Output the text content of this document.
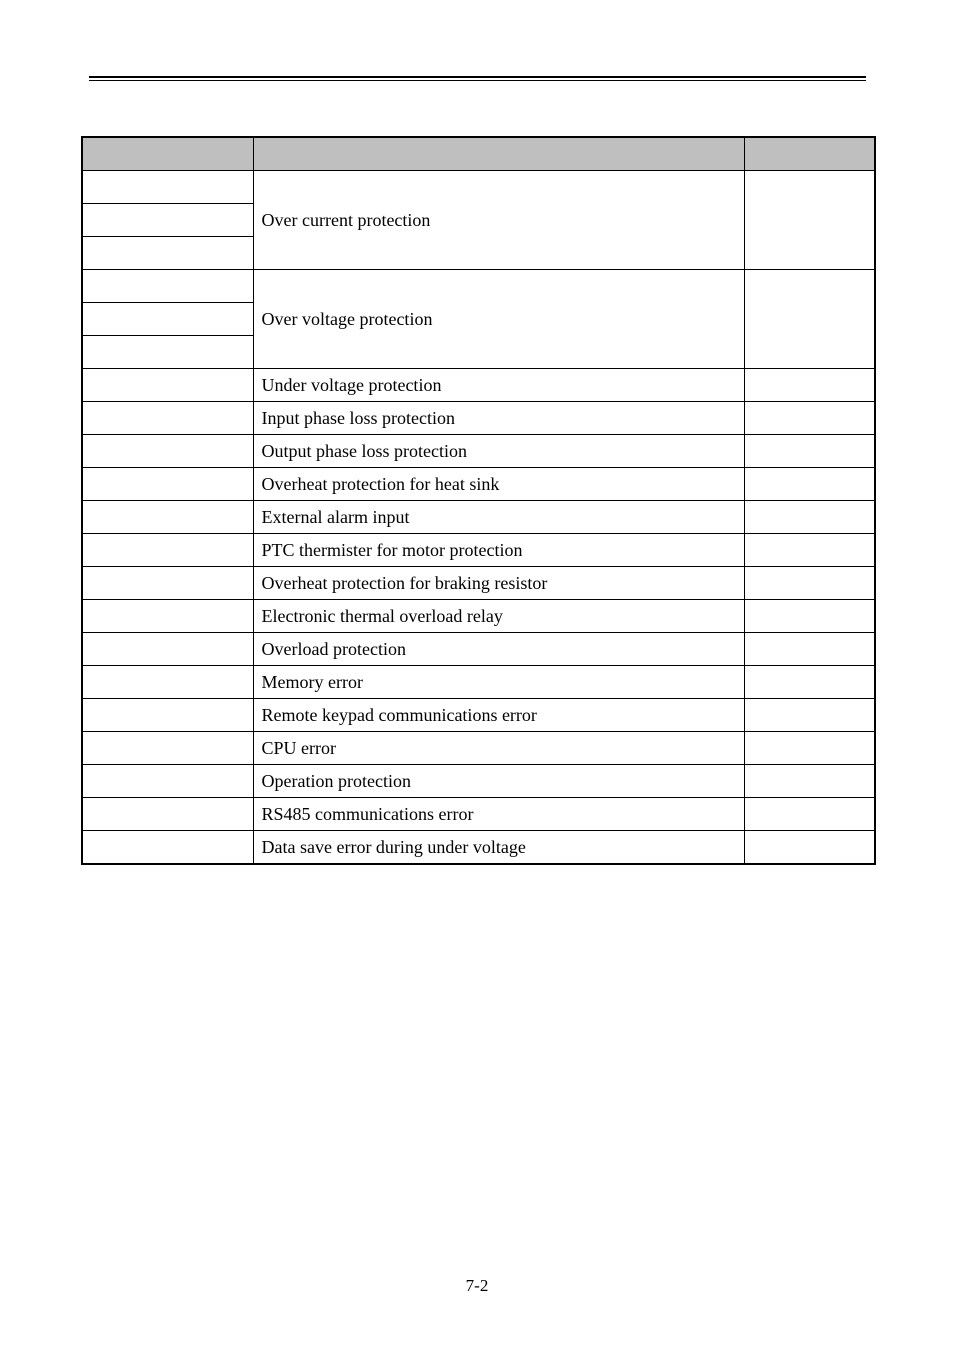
	Over current protection	

	Over voltage protection	

	Under voltage protection	
	Input phase loss protection	
	Output phase loss protection	
	Overheat protection for heat sink	
	External alarm input	
	PTC thermister for motor protection	
	Overheat protection for braking resistor	
	Electronic thermal overload relay	
	Overload protection	
	Memory error	
	Remote keypad communications error	
	CPU error	
	Operation protection	
	RS485 communications error	
	Data save error during under voltage	
7-2
